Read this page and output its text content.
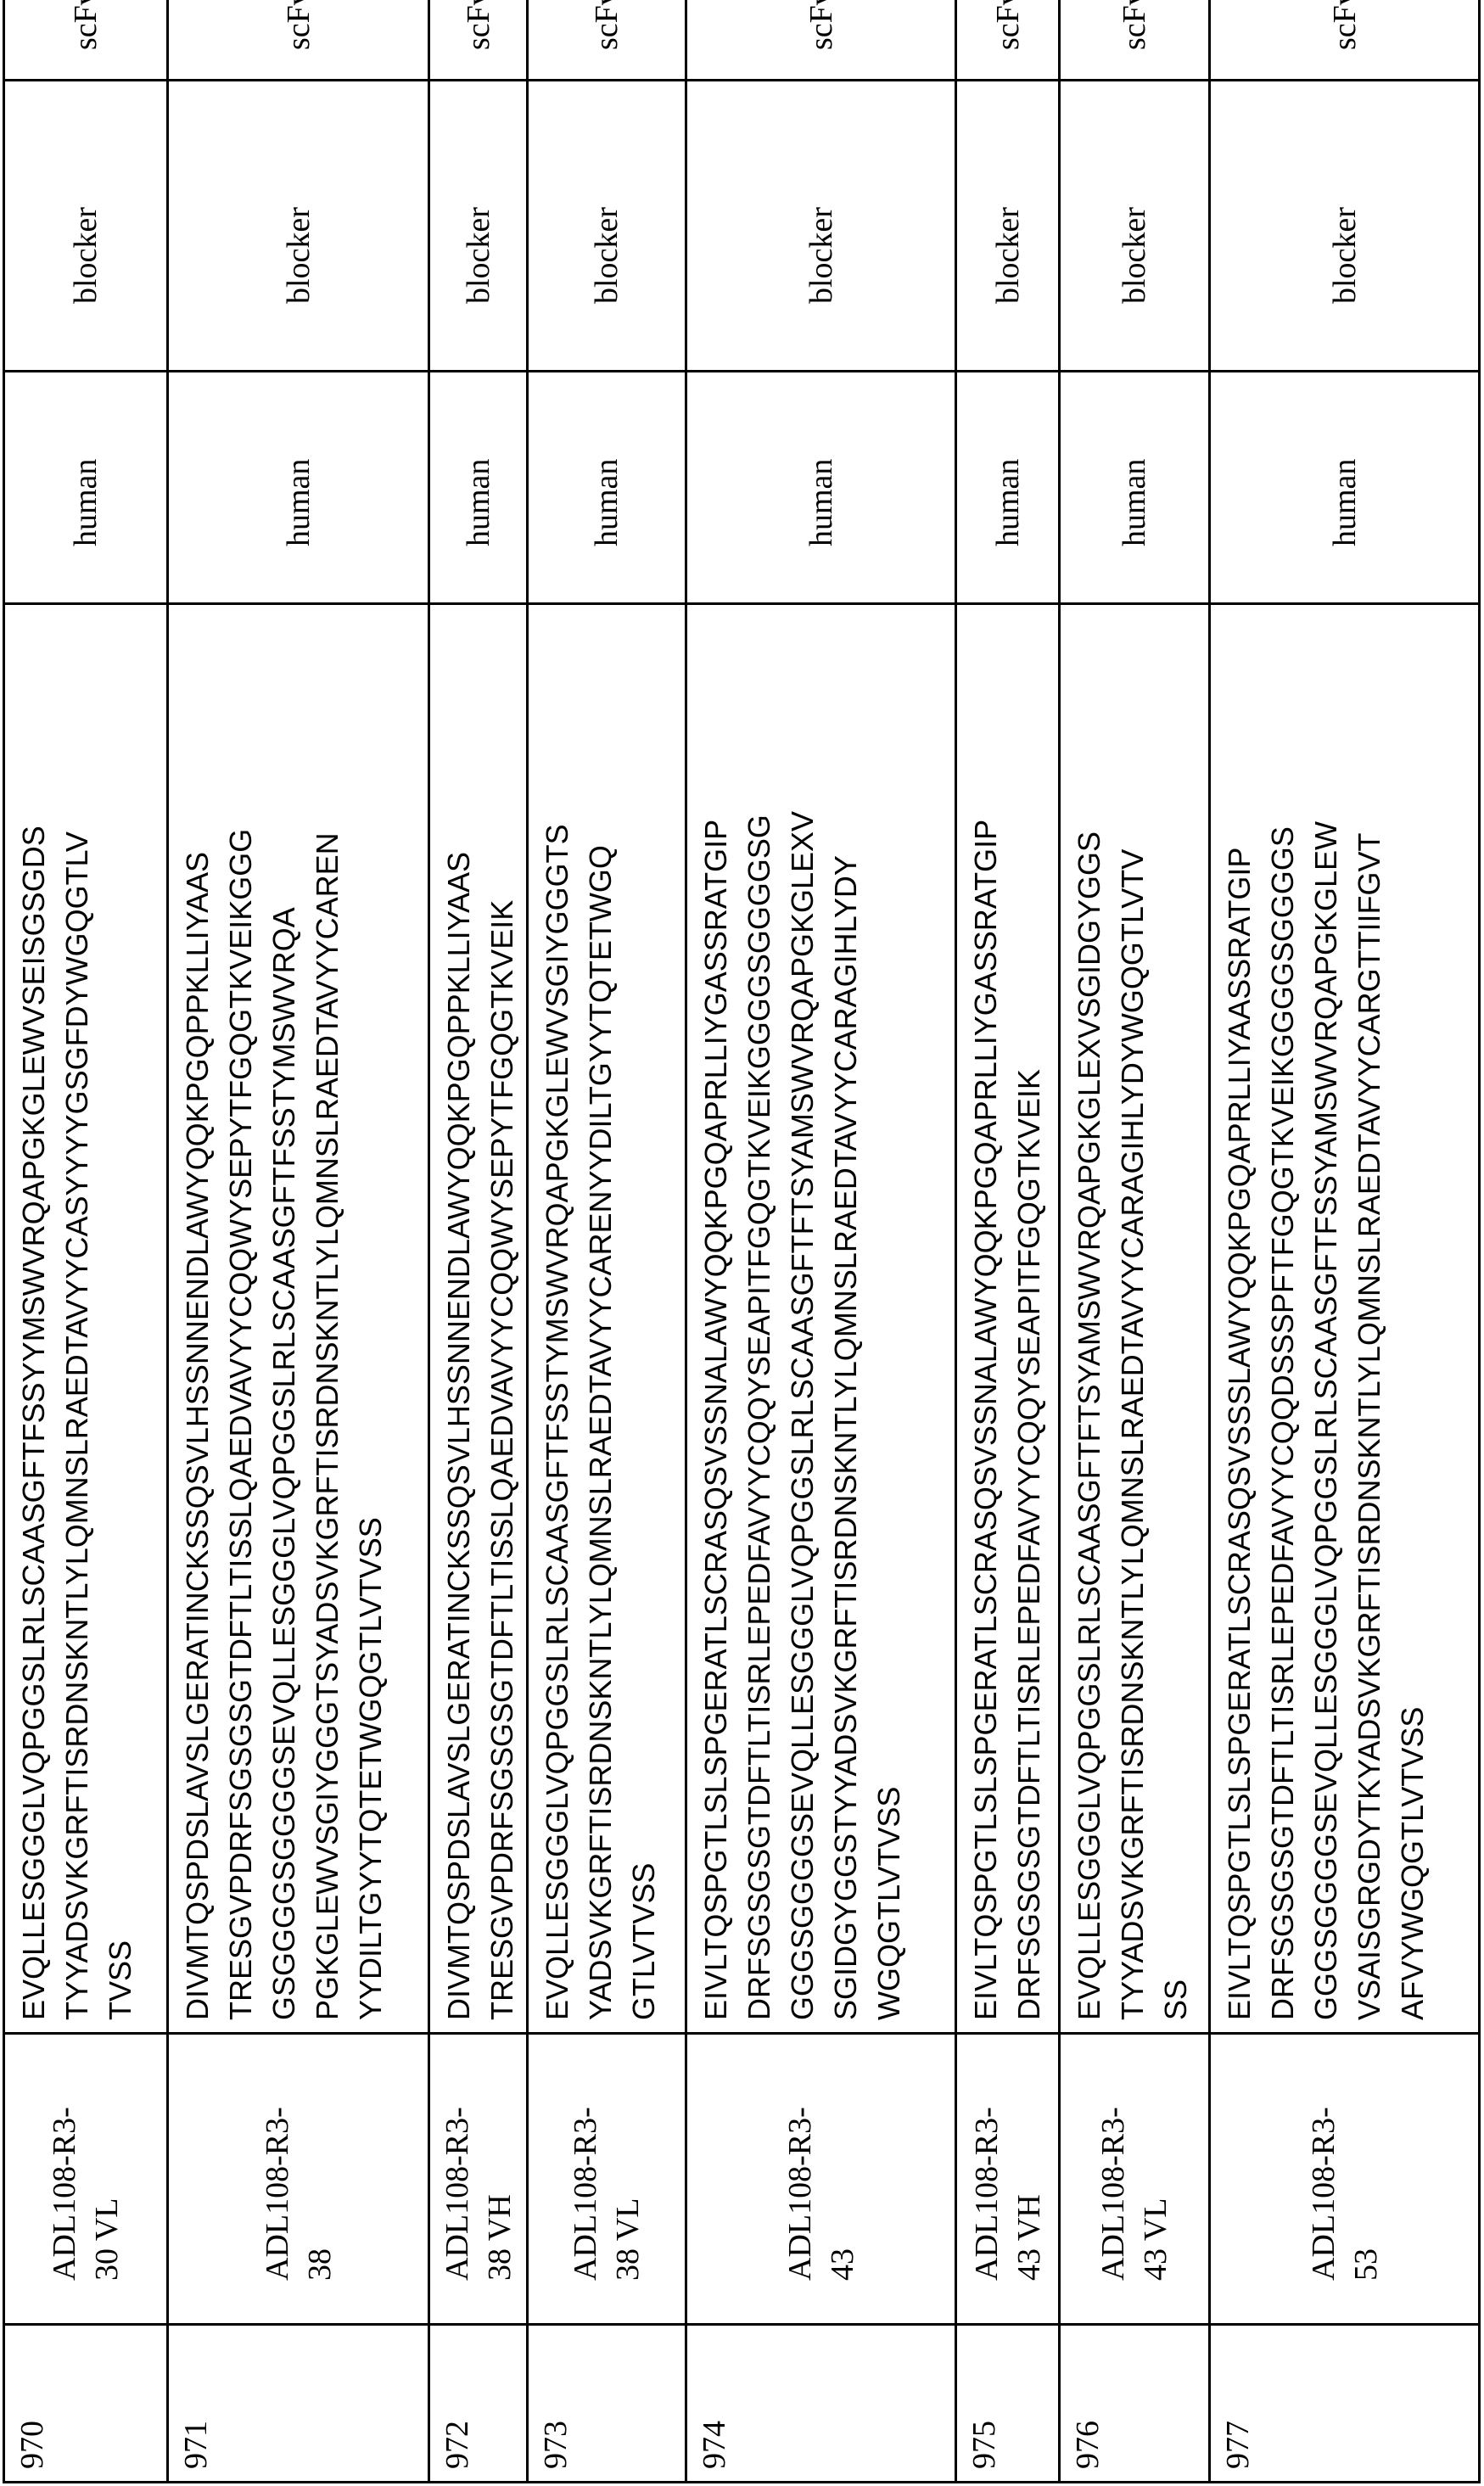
970	
ADL108-R3- 30 VL

EVQLLESGGGLVQPGGSLRLSCAASGFTFSSYYMSWVRQAPGKGLEWVSEISGSGDS TYYADSVKGRFTISRDNSKNTLYLQMNSLRAEDTAVYYCASYYYYGSGFDYWGQGTLV TVSS
	human	blocker	scFv
971	
ADL108-R3- 38

DIVMTQSPDSLAVSLGERATINCKSSQSVLHSSNNENDLAWYQQKPGQPPKLLIYAAS TRESGVPDRFSGSGSGTDFTLTISSLQAEDVAVYYCQQWYSEPYTFGQGTKVEIKGGG GSGGGGSGGGGSEVQLLESGGGLVQPGGSLRLSCAASGFTFSSTYMSWVRQA PGKGLEWVSGIYGGGTSYADSVKGRFTISRDNSKNTLYLQMNSLRAEDTAVYYCAREN YYDILTGYYTQTETWGQGTLVTVSS
	human	blocker	scFv
972	
ADL108-R3- 38 VH

DIVMTQSPDSLAVSLGERATINCKSSQSVLHSSNNENDLAWYQQKPGQPPKLLIYAAS TRESGVPDRFSGSGSGTDFTLTISSLQAEDVAVYYCQQWYSEPYTFGQGTKVEIK
	human	blocker	scFv
973	
ADL108-R3- 38 VL

EVQLLESGGGLVQPGGSLRLSCAASGFTFSSTYMSWVRQAPGKGLEWVSGIYGGGTS YADSVKGRFTISRDNSKNTLYLQMNSLRAEDTAVYYCARENYYDILTGYYTQTETWGQ GTLVTVSS
	human	blocker	scFv
974	
ADL108-R3- 43

EIVLTQSPGTLSLSPGERATLSCRASQSVSSNALAWYQQKPGQAPRLLIYGASSRATGIP DRFSGSGSGTDFTLTISRLEPEDFAVYYCQQYSEAPITFGQGTKVEIKGGGGSGGGGSG GGGSGGGGSEVQLLESGGGLVQPGGSLRLSCAASGFTFTSYAMSWVRQAPGKGLEXV SGIDGYGGSTYYADSVKGRFTISRDNSKNTLYLQMNSLRAEDTAVYYCARAGIHLYDY WGQGTLVTVSS
	human	blocker	scFv
975	
ADL108-R3- 43 VH

EIVLTQSPGTLSLSPGERATLSCRASQSVSSNALAWYQQKPGQAPRLLIYGASSRATGIP DRFSGSGSGTDFTLTISRLEPEDFAVYYCQQYSEAPITFGQGTKVEIK
	human	blocker	scFv
976	
ADL108-R3- 43 VL

EVQLLESGGGLVQPGGSLRLSCAASGFTFTSYAMSWVRQAPGKGLEXVSGIDGYGGS TYYADSVKGRFTISRDNSKNTLYLQMNSLRAEDTAVYYCARAGIHLYDYWGQGTLVTV SS
	human	blocker	scFv
977	
ADL108-R3- 53

EIVLTQSPGTLSLSPGERATLSCRASQSVSSSLAWYQQKPGQAPRLLIYAASSRATGIP DRFSGSGSGTDFTLTISRLEPEDFAVYYCQQDSSSPFTFGQGTKVEIKGGGGSGGGGS GGGSGGGGSEVQLLESGGGLVQPGGSLRLSCAASGFTFSSYAMSWVRQAPGKGLEW VSAISGRGDYTKYADSVKGRFTISRDNSKNTLYLQMNSLRAEDTAVYYCARGTTIIFGVT AFVYWGQGTLVTVSS
	human	blocker	scFv
